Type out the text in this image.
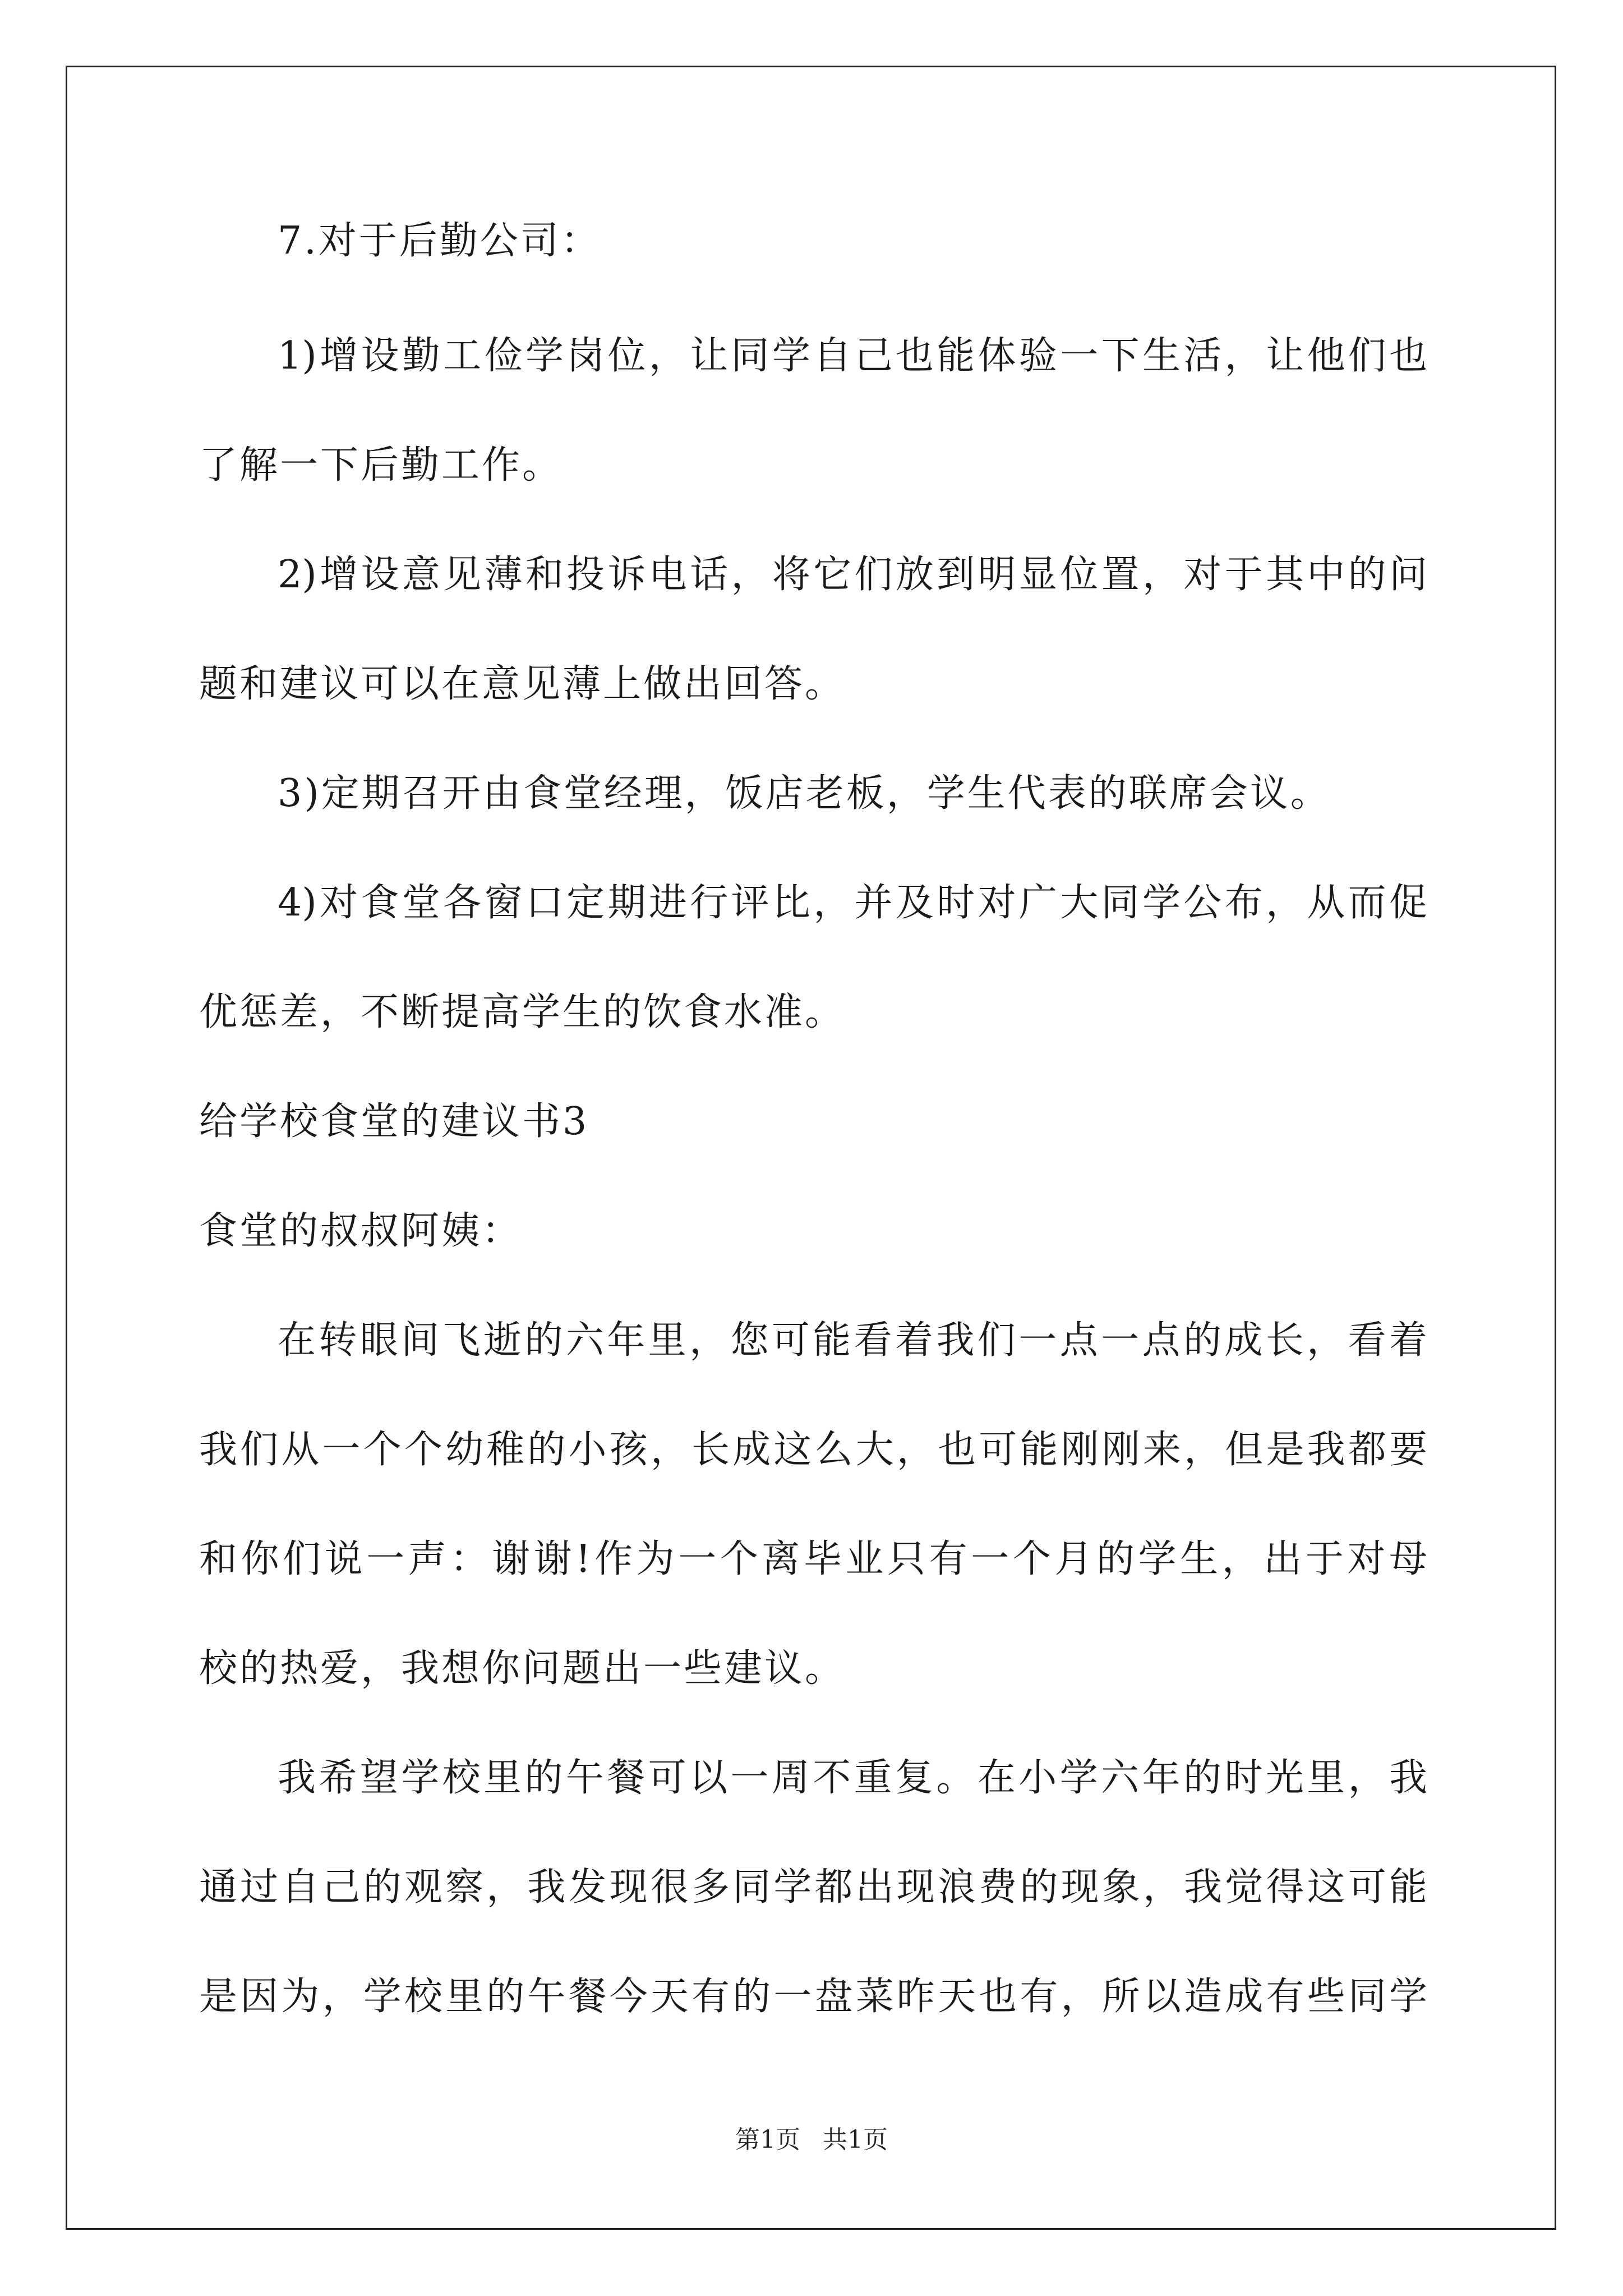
7.对于后勤公司：
1)增设勤工俭学岗位，让同学自己也能体验一下生活，让他们也
了解一下后勤工作。
2)增设意见薄和投诉电话，将它们放到明显位置，对于其中的问
题和建议可以在意见薄上做出回答。
3)定期召开由食堂经理，饭店老板，学生代表的联席会议。
4)对食堂各窗口定期进行评比，并及时对广大同学公布，从而促
优惩差，不断提高学生的饮食水准。
给学校食堂的建议书3
食堂的叔叔阿姨：
在转眼间飞逝的六年里，您可能看着我们一点一点的成长，看着
我们从一个个幼稚的小孩，长成这么大，也可能刚刚来，但是我都要
和你们说一声：谢谢!作为一个离毕业只有一个月的学生，出于对母
校的热爱，我想你问题出一些建议。
我希望学校里的午餐可以一周不重复。在小学六年的时光里，我
通过自己的观察，我发现很多同学都出现浪费的现象，我觉得这可能
是因为，学校里的午餐今天有的一盘菜昨天也有，所以造成有些同学
第1页 共1页
